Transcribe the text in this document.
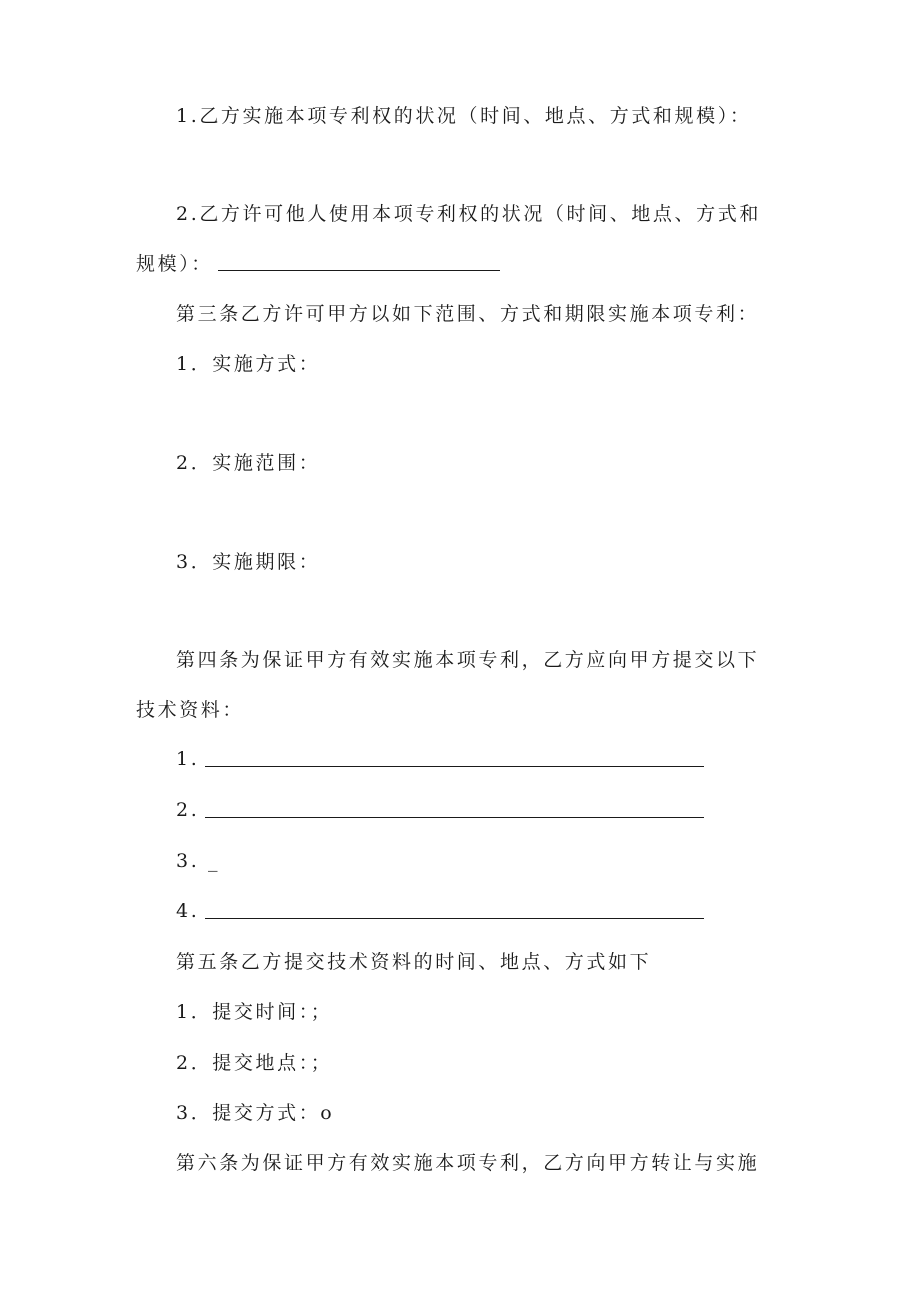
1.乙方实施本项专利权的状况（时间、地点、方式和规模）：
2.乙方许可他人使用本项专利权的状况（时间、地点、方式和
规模）：
第三条乙方许可甲方以如下范围、方式和期限实施本项专利：
1．实施方式：
2．实施范围：
3．实施期限：
第四条为保证甲方有效实施本项专利，乙方应向甲方提交以下
技术资料：
1.
2.
3. _
4.
第五条乙方提交技术资料的时间、地点、方式如下
1．提交时间：；
2．提交地点：；
3．提交方式：o
第六条为保证甲方有效实施本项专利，乙方向甲方转让与实施
